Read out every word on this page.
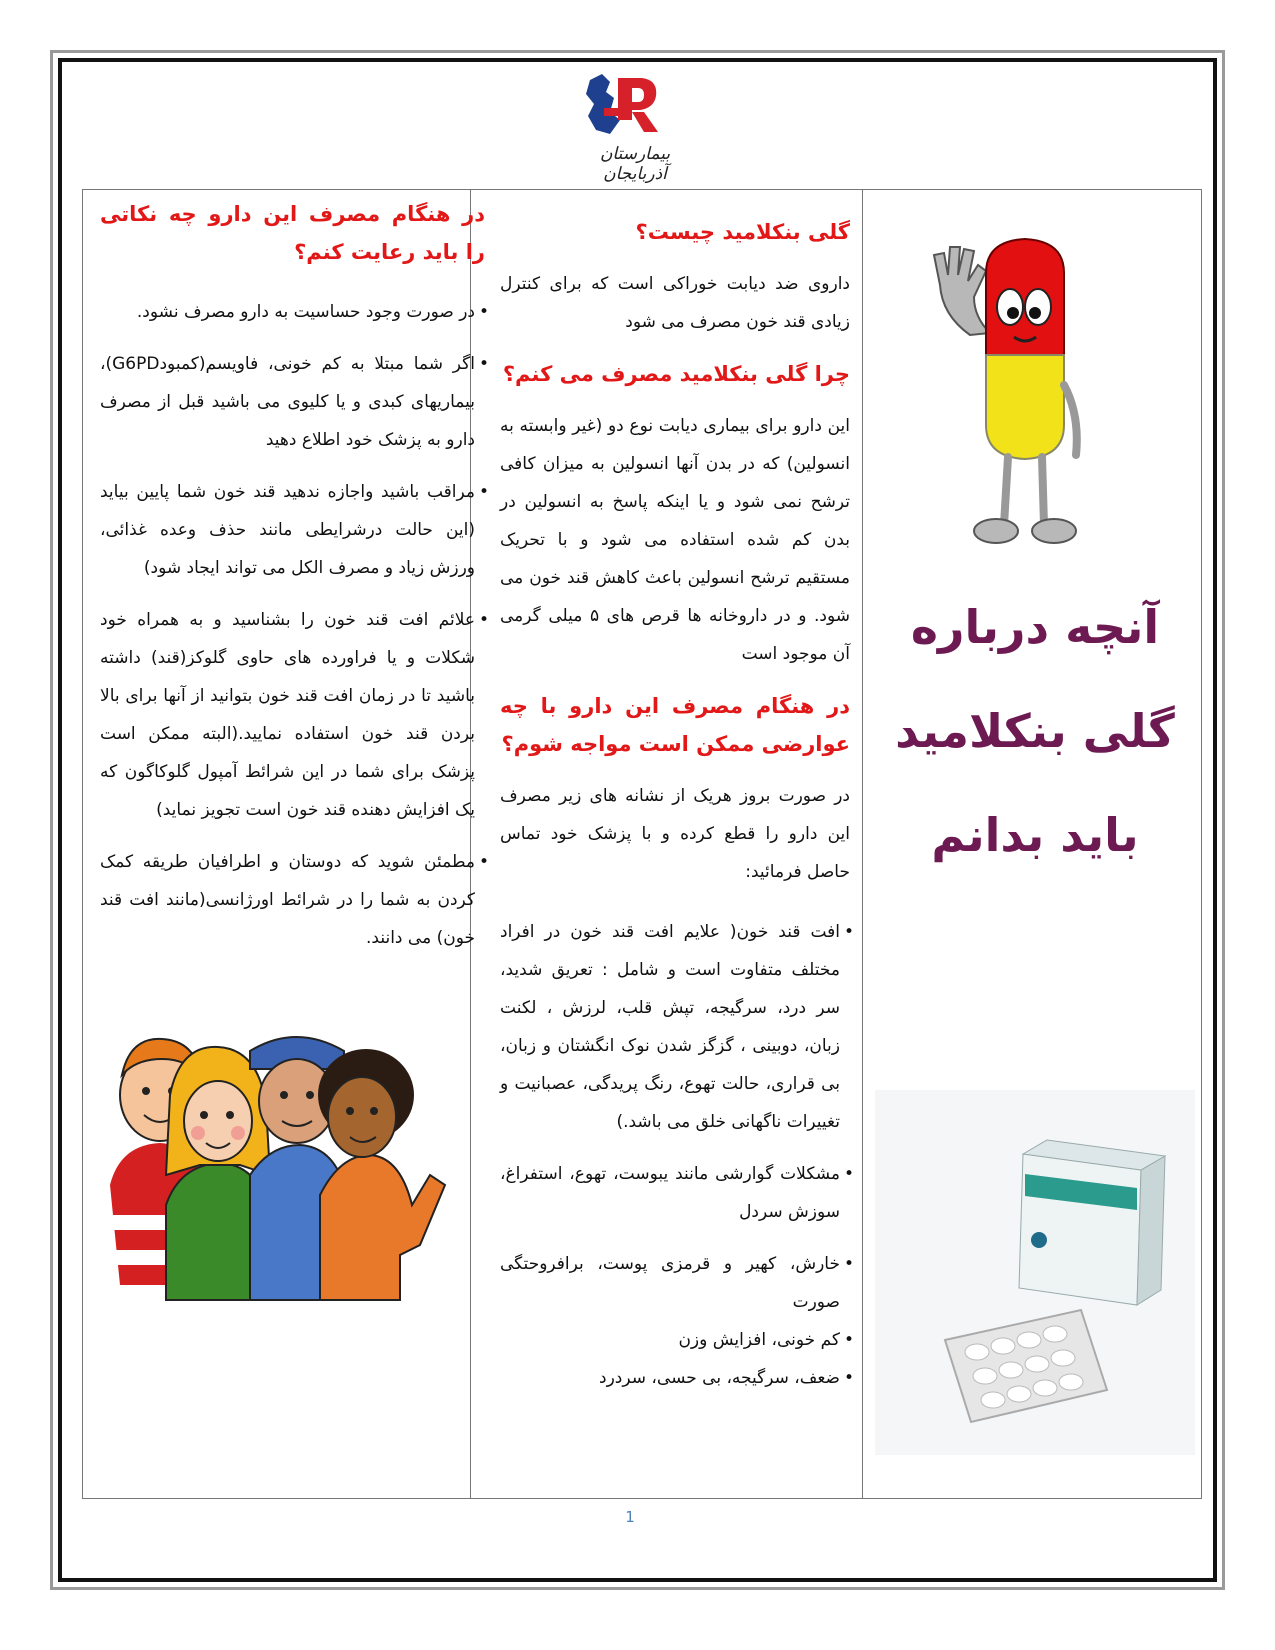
بیمارستان آذربایجان

در هنگام مصرف این دارو چه نکاتی را باید رعایت کنم؟

• در صورت وجود حساسیت به دارو مصرف نشود.

• اگر شما مبتلا به کم خونی، فاویسم(کمبودG6PD)، بیماریهای کبدی و یا کلیوی می باشید قبل از مصرف دارو به پزشک خود اطلاع دهید

• مراقب باشید واجازه ندهید قند خون شما پایین بیاید (این حالت درشرایطی مانند حذف وعده غذائی، ورزش زیاد و مصرف الکل می تواند ایجاد شود)

• علائم افت قند خون را بشناسید و به همراه خود شکلات و یا فراورده های حاوی گلوکز(قند) داشته باشید تا در زمان افت قند خون بتوانید از آنها برای بالا بردن قند خون استفاده نمایید.(البته ممکن است پزشک برای شما در این شرائط آمپول گلوکاگون که یک افزایش دهنده قند خون است تجویز نماید)

• مطمئن شوید که دوستان و اطرافیان طریقه کمک کردن به شما را در شرائط اورژانسی(مانند افت قند خون) می دانند.

گلی بنکلامید چیست؟

داروی ضد دیابت خوراکی است که برای کنترل زیادی قند خون مصرف می شود

چرا گلی بنکلامید مصرف می کنم؟

این دارو برای بیماری دیابت نوع دو (غیر وابسته به انسولین) که در بدن آنها انسولین به میزان کافی ترشح نمی شود و یا اینکه پاسخ به انسولین در بدن کم شده استفاده می شود و با تحریک مستقیم ترشح انسولین باعث کاهش قند خون می شود. و در داروخانه ها قرص های ۵ میلی گرمی آن موجود است

در هنگام مصرف این دارو با چه عوارضی ممکن است مواجه شوم؟

در صورت بروز هریک از نشانه های زیر مصرف این دارو را قطع کرده و با پزشک خود تماس حاصل فرمائید:

• افت قند خون( علایم افت قند خون در افراد مختلف متفاوت است و شامل : تعریق شدید، سر درد، سرگیجه، تپش قلب، لرزش ، لکنت زبان، دوبینی ، گزگز شدن نوک انگشتان و زبان، بی قراری، حالت تهوع، رنگ پریدگی، عصبانیت و تغییرات ناگهانی خلق می باشد.)

• مشکلات گوارشی مانند یبوست، تهوع، استفراغ، سوزش سردل

• خارش، کهیر و قرمزی پوست، برافروحتگی صورت

• کم خونی، افزایش وزن

• ضعف، سرگیجه، بی حسی، سردرد

آنچه درباره
گلی بنکلامید
باید بدانم
1
